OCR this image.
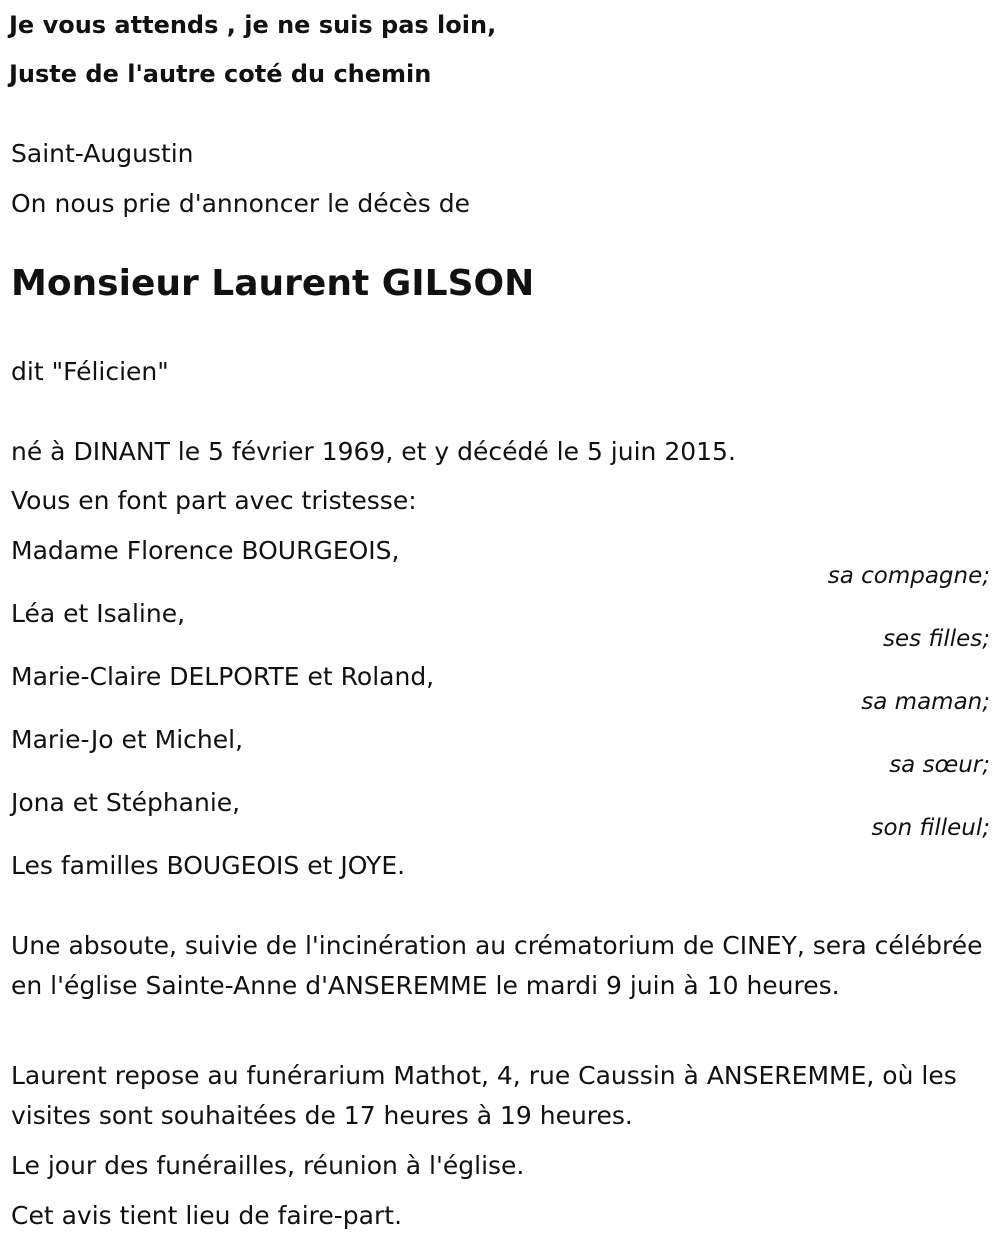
Je vous attends , je ne suis pas loin,

Juste de l'autre coté du chemin

Saint-Augustin

On nous prie d'annoncer le décès de

Monsieur Laurent GILSON

dit "Félicien"

né à DINANT le 5 février 1969, et y décédé le 5 juin 2015.

Vous en font part avec tristesse:

Madame Florence BOURGEOIS,

sa compagne;

Léa et Isaline,

ses filles;

Marie-Claire DELPORTE et Roland,

sa maman;

Marie-Jo et Michel,

sa sœur;

Jona et Stéphanie,

son filleul;

Les familles BOUGEOIS et JOYE.

Une absoute, suivie de l'incinération au crématorium de CINEY, sera célébrée en l'église Sainte-Anne d'ANSEREMME le mardi 9 juin à 10 heures.

Laurent repose au funérarium Mathot, 4, rue Caussin à ANSEREMME, où les visites sont souhaitées de 17 heures à 19 heures.

Le jour des funérailles, réunion à l'église.

Cet avis tient lieu de faire-part.
